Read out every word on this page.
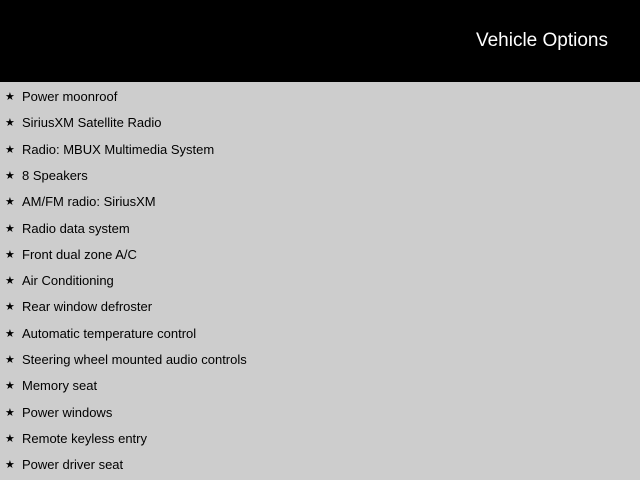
Vehicle Options
★ Power moonroof
★ SiriusXM Satellite Radio
★ Radio: MBUX Multimedia System
★ 8 Speakers
★ AM/FM radio: SiriusXM
★ Radio data system
★ Front dual zone A/C
★ Air Conditioning
★ Rear window defroster
★ Automatic temperature control
★ Steering wheel mounted audio controls
★ Memory seat
★ Power windows
★ Remote keyless entry
★ Power driver seat
